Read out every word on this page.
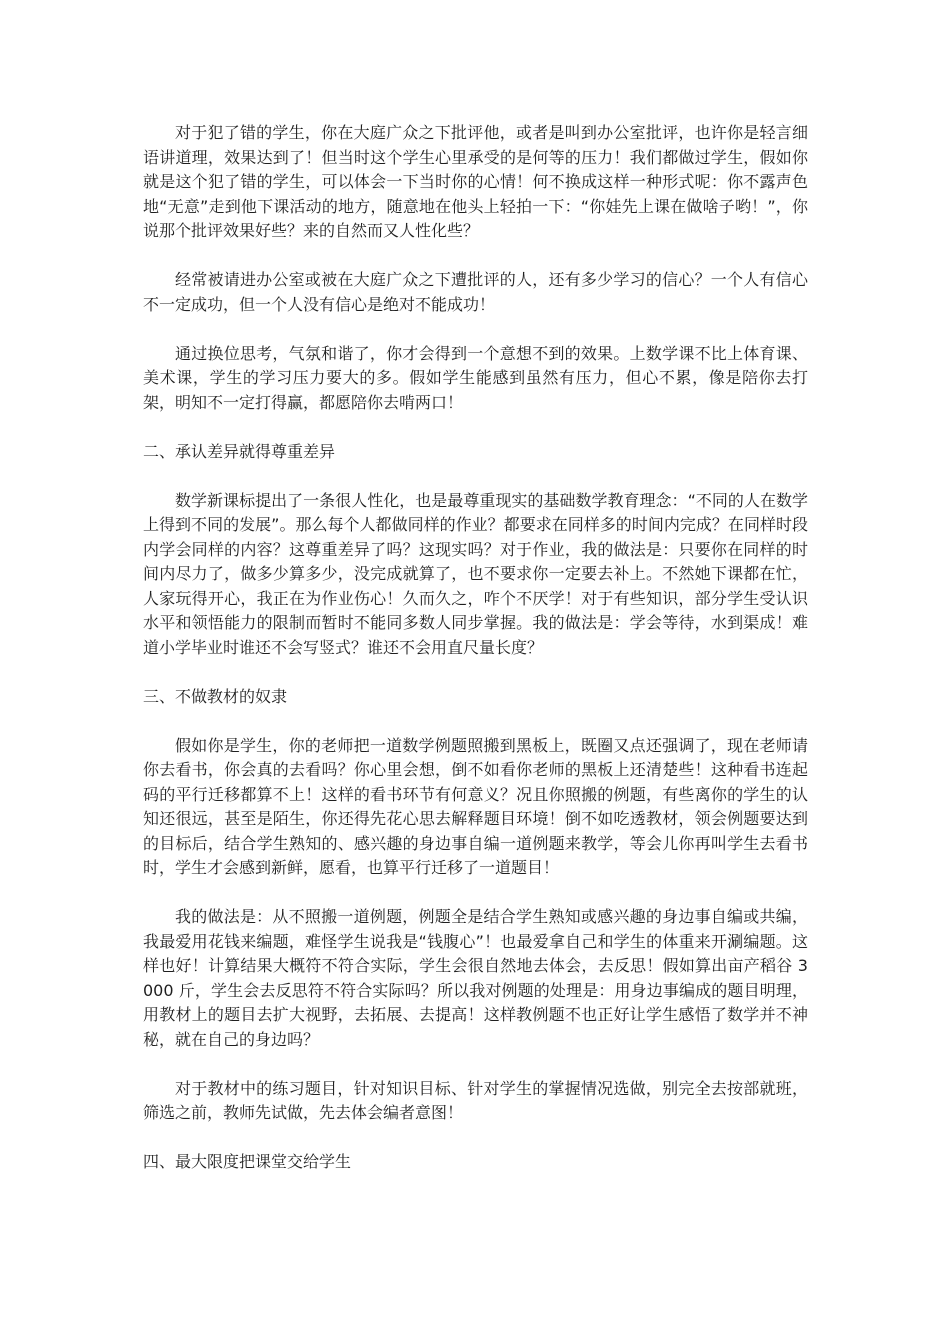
对于犯了错的学生，你在大庭广众之下批评他，或者是叫到办公室批评，也许你是轻言细语讲道理，效果达到了！但当时这个学生心里承受的是何等的压力！我们都做过学生，假如你就是这个犯了错的学生，可以体会一下当时你的心情！何不换成这样一种形式呢：你不露声色地“无意”走到他下课活动的地方，随意地在他头上轻拍一下：“你娃先上课在做啥子哟！”，你说那个批评效果好些？来的自然而又人性化些？

经常被请进办公室或被在大庭广众之下遭批评的人，还有多少学习的信心？一个人有信心不一定成功，但一个人没有信心是绝对不能成功！

通过换位思考，气氛和谐了，你才会得到一个意想不到的效果。上数学课不比上体育课、美术课，学生的学习压力要大的多。假如学生能感到虽然有压力，但心不累，像是陪你去打架，明知不一定打得赢，都愿陪你去啃两口！

二、承认差异就得尊重差异

数学新课标提出了一条很人性化，也是最尊重现实的基础数学教育理念：“不同的人在数学上得到不同的发展”。那么每个人都做同样的作业？都要求在同样多的时间内完成？在同样时段内学会同样的内容？这尊重差异了吗？这现实吗？对于作业，我的做法是：只要你在同样的时间内尽力了，做多少算多少，没完成就算了，也不要求你一定要去补上。不然她下课都在忙，人家玩得开心，我正在为作业伤心！久而久之，咋个不厌学！对于有些知识，部分学生受认识水平和领悟能力的限制而暂时不能同多数人同步掌握。我的做法是：学会等待，水到渠成！难道小学毕业时谁还不会写竖式？谁还不会用直尺量长度？

三、不做教材的奴隶

假如你是学生，你的老师把一道数学例题照搬到黑板上，既圈又点还强调了，现在老师请你去看书，你会真的去看吗？你心里会想，倒不如看你老师的黑板上还清楚些！这种看书连起码的平行迁移都算不上！这样的看书环节有何意义？况且你照搬的例题，有些离你的学生的认知还很远，甚至是陌生，你还得先花心思去解释题目环境！倒不如吃透教材，领会例题要达到的目标后，结合学生熟知的、感兴趣的身边事自编一道例题来教学，等会儿你再叫学生去看书时，学生才会感到新鲜，愿看，也算平行迁移了一道题目！

我的做法是：从不照搬一道例题，例题全是结合学生熟知或感兴趣的身边事自编或共编，我最爱用花钱来编题，难怪学生说我是“钱腹心”！也最爱拿自己和学生的体重来开涮编题。这样也好！计算结果大概符不符合实际，学生会很自然地去体会，去反思！假如算出亩产稻谷 3000 斤，学生会去反思符不符合实际吗？所以我对例题的处理是：用身边事编成的题目明理，用教材上的题目去扩大视野，去拓展、去提高！这样教例题不也正好让学生感悟了数学并不神秘，就在自己的身边吗？

对于教材中的练习题目，针对知识目标、针对学生的掌握情况选做，别完全去按部就班，筛选之前，教师先试做，先去体会编者意图！

四、最大限度把课堂交给学生
